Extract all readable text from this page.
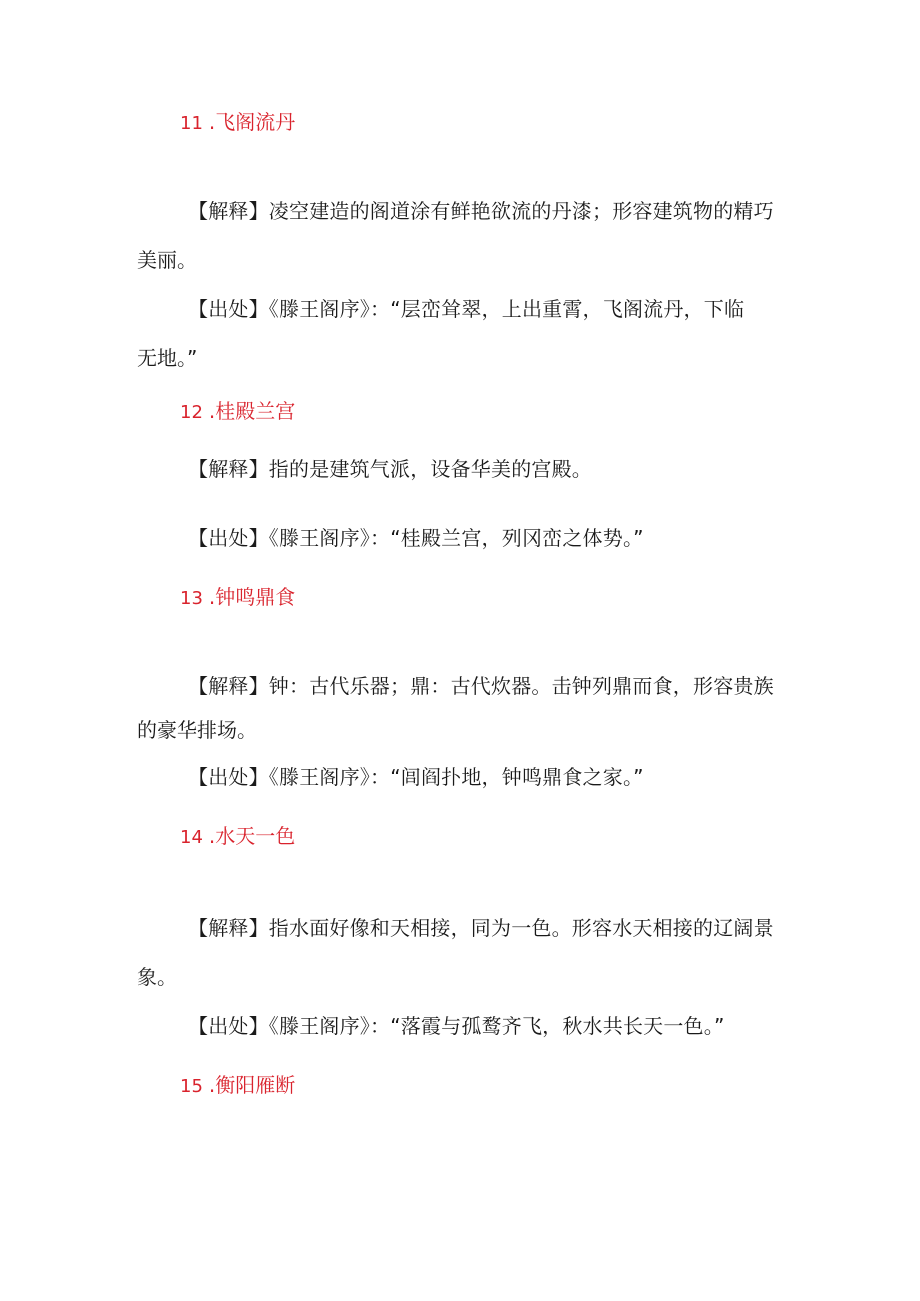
11 .飞阁流丹
【解释】凌空建造的阁道涂有鲜艳欲流的丹漆；形容建筑物的精巧
美丽。
【出处】《滕王阁序》：“层峦耸翠，上出重霄，飞阁流丹，下临
无地。”
12 .桂殿兰宫
【解释】指的是建筑气派，设备华美的宫殿。
【出处】《滕王阁序》：“桂殿兰宫，列冈峦之体势。”
13 .钟鸣鼎食
【解释】钟：古代乐器；鼎：古代炊器。击钟列鼎而食，形容贵族
的豪华排场。
【出处】《滕王阁序》：“闾阎扑地，钟鸣鼎食之家。”
14 .水天一色
【解释】指水面好像和天相接，同为一色。形容水天相接的辽阔景
象。
【出处】《滕王阁序》：“落霞与孤鹜齐飞，秋水共长天一色。”
15 .衡阳雁断
